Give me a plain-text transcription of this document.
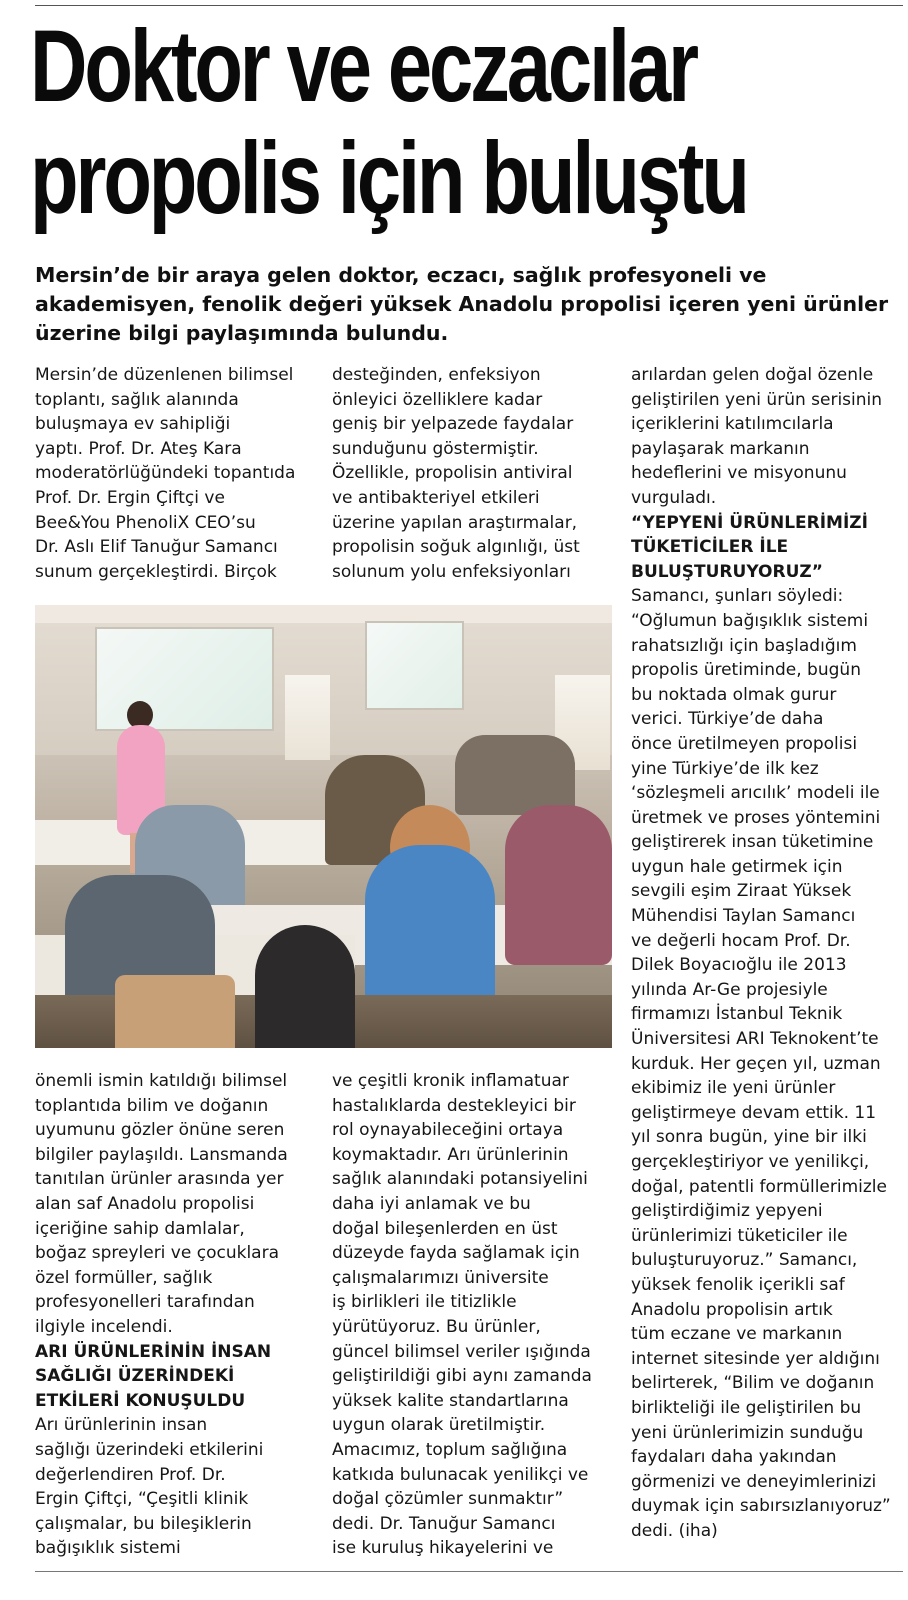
Doktor ve eczacılar
propolis için buluştu

Mersin’de bir araya gelen doktor, eczacı, sağlık profesyoneli ve akademisyen, fenolik değeri yüksek Anadolu propolisi içeren yeni ürünler üzerine bilgi paylaşımında bulundu.

Mersin’de düzenlenen bilimsel
toplantı, sağlık alanında
buluşmaya ev sahipliği
yaptı. Prof. Dr. Ateş Kara
moderatörlüğündeki topantıda
Prof. Dr. Ergin Çiftçi ve
Bee&You PhenoliX CEO’su
Dr. Aslı Elif Tanuğur Samancı
sunum gerçekleştirdi. Birçok
desteğinden, enfeksiyon
önleyici özelliklere kadar
geniş bir yelpazede faydalar
sunduğunu göstermiştir.
Özellikle, propolisin antiviral
ve antibakteriyel etkileri
üzerine yapılan araştırmalar,
propolisin soğuk algınlığı, üst
solunum yolu enfeksiyonları
arılardan gelen doğal özenle
geliştirilen yeni ürün serisinin
içeriklerini katılımcılarla
paylaşarak markanın
hedeflerini ve misyonunu
vurguladı.
“YEPYENİ ÜRÜNLERİMİZİ
TÜKETİCİLER İLE
BULUŞTURUYORUZ”
Samancı, şunları söyledi:
“Oğlumun bağışıklık sistemi
rahatsızlığı için başladığım
propolis üretiminde, bugün
bu noktada olmak gurur
verici. Türkiye’de daha
önce üretilmeyen propolisi
yine Türkiye’de ilk kez
‘sözleşmeli arıcılık’ modeli ile
üretmek ve proses yöntemini
geliştirerek insan tüketimine
uygun hale getirmek için
sevgili eşim Ziraat Yüksek
Mühendisi Taylan Samancı
ve değerli hocam Prof. Dr.
Dilek Boyacıoğlu ile 2013
yılında Ar-Ge projesiyle
firmamızı İstanbul Teknik
Üniversitesi ARI Teknokent’te
kurduk. Her geçen yıl, uzman
ekibimiz ile yeni ürünler
geliştirmeye devam ettik. 11
yıl sonra bugün, yine bir ilki
gerçekleştiriyor ve yenilikçi,
doğal, patentli formüllerimizle
geliştirdiğimiz yepyeni
ürünlerimizi tüketiciler ile
buluşturuyoruz.” Samancı,
yüksek fenolik içerikli saf
Anadolu propolisin artık
tüm eczane ve markanın
internet sitesinde yer aldığını
belirterek, “Bilim ve doğanın
birlikteliği ile geliştirilen bu
yeni ürünlerimizin sunduğu
faydaları daha yakından
görmenizi ve deneyimlerinizi
duymak için sabırsızlanıyoruz”
dedi. (iha)
önemli ismin katıldığı bilimsel
toplantıda bilim ve doğanın
uyumunu gözler önüne seren
bilgiler paylaşıldı. Lansmanda
tanıtılan ürünler arasında yer
alan saf Anadolu propolisi
içeriğine sahip damlalar,
boğaz spreyleri ve çocuklara
özel formüller, sağlık
profesyonelleri tarafından
ilgiyle incelendi.
ARI ÜRÜNLERİNİN İNSAN
SAĞLIĞI ÜZERİNDEKİ
ETKİLERİ KONUŞULDU
Arı ürünlerinin insan
sağlığı üzerindeki etkilerini
değerlendiren Prof. Dr.
Ergin Çiftçi, “Çeşitli klinik
çalışmalar, bu bileşiklerin
bağışıklık sistemi
ve çeşitli kronik inflamatuar
hastalıklarda destekleyici bir
rol oynayabileceğini ortaya
koymaktadır. Arı ürünlerinin
sağlık alanındaki potansiyelini
daha iyi anlamak ve bu
doğal bileşenlerden en üst
düzeyde fayda sağlamak için
çalışmalarımızı üniversite
iş birlikleri ile titizlikle
yürütüyoruz. Bu ürünler,
güncel bilimsel veriler ışığında
geliştirildiği gibi aynı zamanda
yüksek kalite standartlarına
uygun olarak üretilmiştir.
Amacımız, toplum sağlığına
katkıda bulunacak yenilikçi ve
doğal çözümler sunmaktır”
dedi. Dr. Tanuğur Samancı
ise kuruluş hikayelerini ve
